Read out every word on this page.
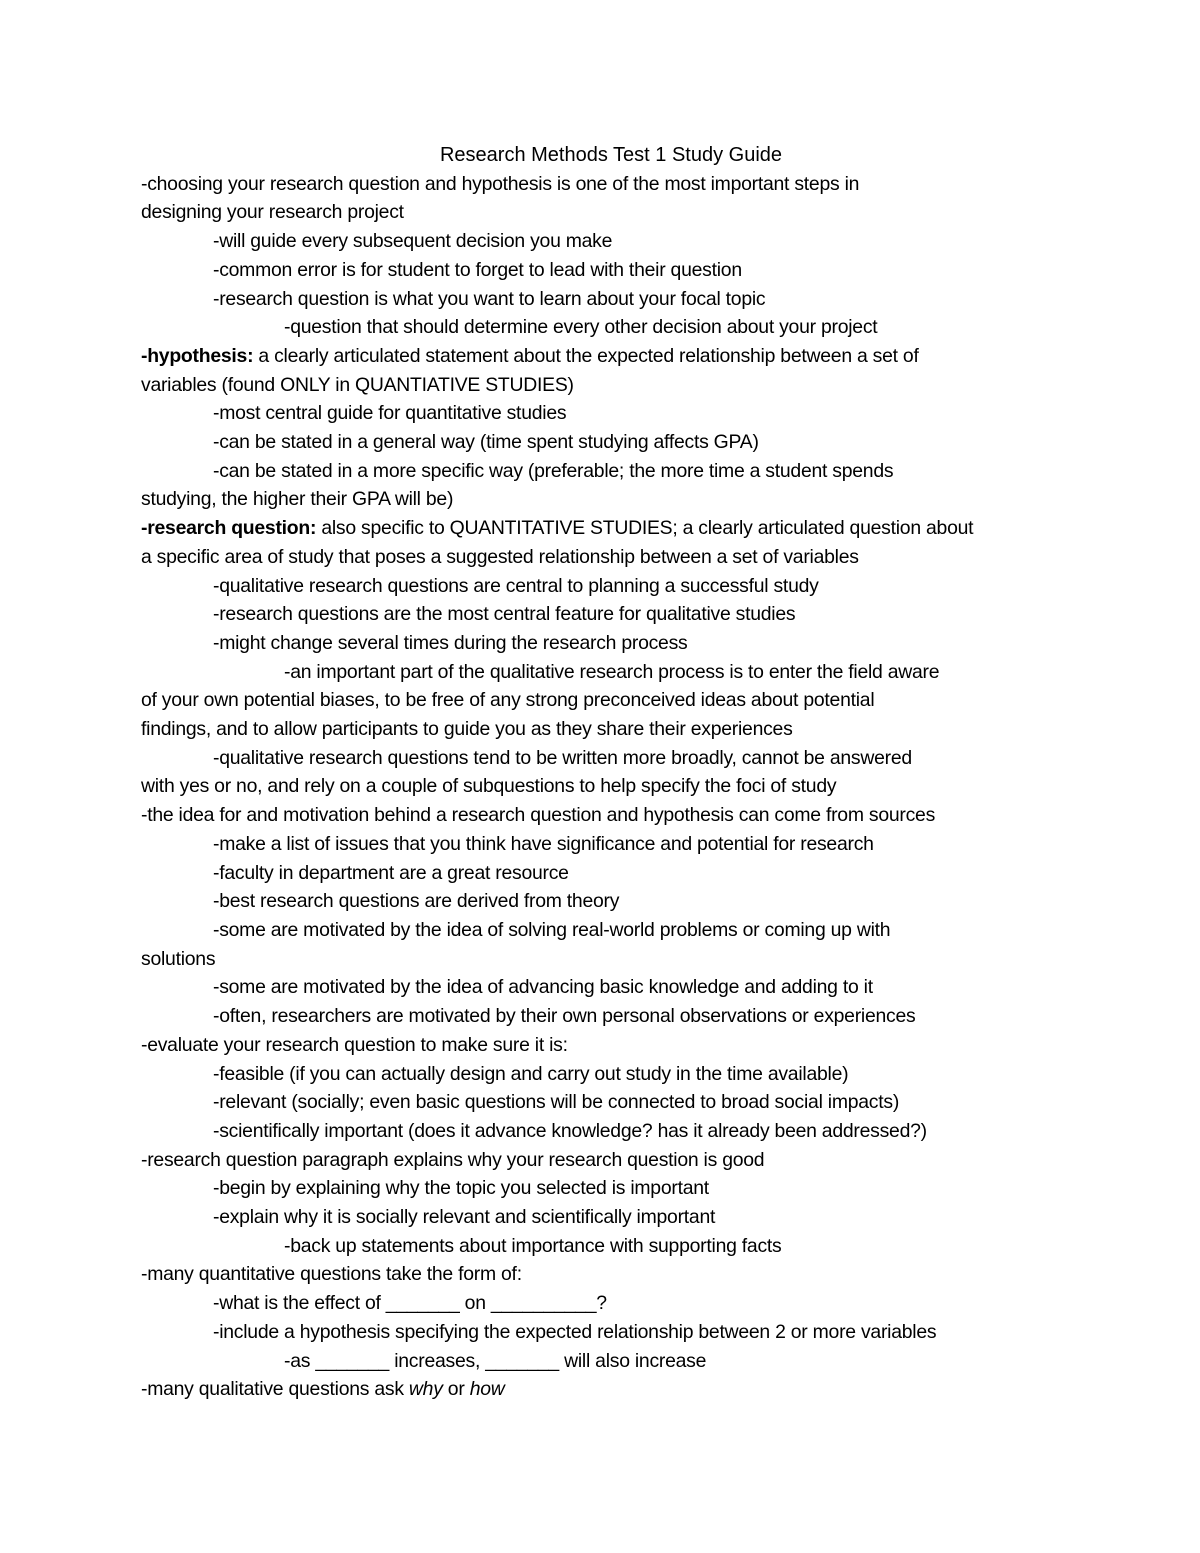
Research Methods Test 1 Study Guide

-choosing your research question and hypothesis is one of the most important steps in

designing your research project

-will guide every subsequent decision you make

-common error is for student to forget to lead with their question

-research question is what you want to learn about your focal topic

-question that should determine every other decision about your project

-hypothesis: a clearly articulated statement about the expected relationship between a set of

variables (found ONLY in QUANTIATIVE STUDIES)

-most central guide for quantitative studies

-can be stated in a general way (time spent studying affects GPA)

-can be stated in a more specific way (preferable; the more time a student spends

studying, the higher their GPA will be)

-research question: also specific to QUANTITATIVE STUDIES; a clearly articulated question about

a specific area of study that poses a suggested relationship between a set of variables

-qualitative research questions are central to planning a successful study

-research questions are the most central feature for qualitative studies

-might change several times during the research process

-an important part of the qualitative research process is to enter the field aware

of your own potential biases, to be free of any strong preconceived ideas about potential

findings, and to allow participants to guide you as they share their experiences

-qualitative research questions tend to be written more broadly, cannot be answered

with yes or no, and rely on a couple of subquestions to help specify the foci of study

-the idea for and motivation behind a research question and hypothesis can come from sources

-make a list of issues that you think have significance and potential for research

-faculty in department are a great resource

-best research questions are derived from theory

-some are motivated by the idea of solving real-world problems or coming up with

solutions

-some are motivated by the idea of advancing basic knowledge and adding to it

-often, researchers are motivated by their own personal observations or experiences

-evaluate your research question to make sure it is:

-feasible (if you can actually design and carry out study in the time available)

-relevant (socially; even basic questions will be connected to broad social impacts)

-scientifically important (does it advance knowledge? has it already been addressed?)

-research question paragraph explains why your research question is good

-begin by explaining why the topic you selected is important

-explain why it is socially relevant and scientifically important

-back up statements about importance with supporting facts

-many quantitative questions take the form of:

-what is the effect of _______ on __________?

-include a hypothesis specifying the expected relationship between 2 or more variables

-as _______ increases, _______ will also increase

-many qualitative questions ask why or how
